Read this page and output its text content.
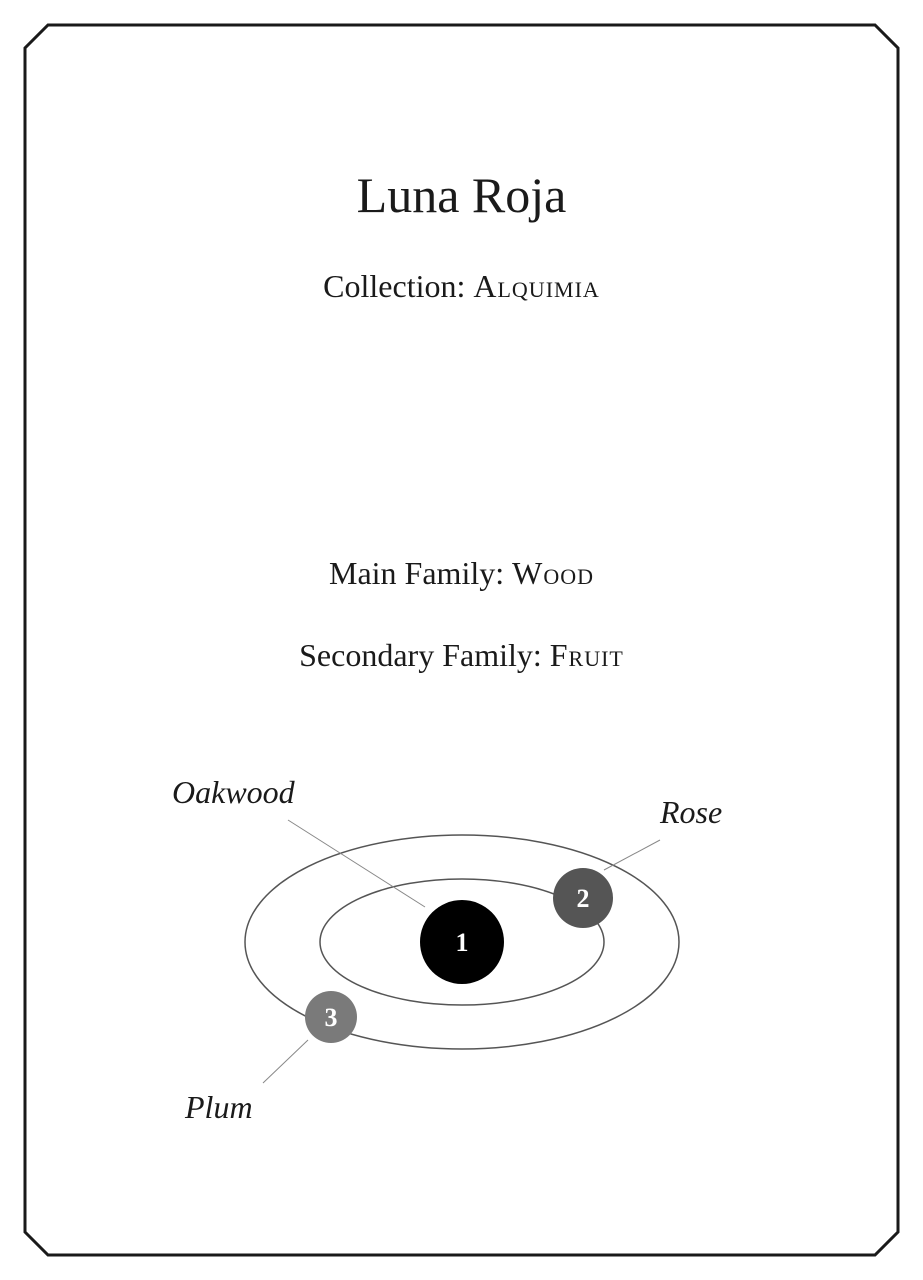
Luna Roja
Collection: Alquimia
Main Family: Wood
Secondary Family: Fruit
1
2
3
Oakwood
Rose
Plum
